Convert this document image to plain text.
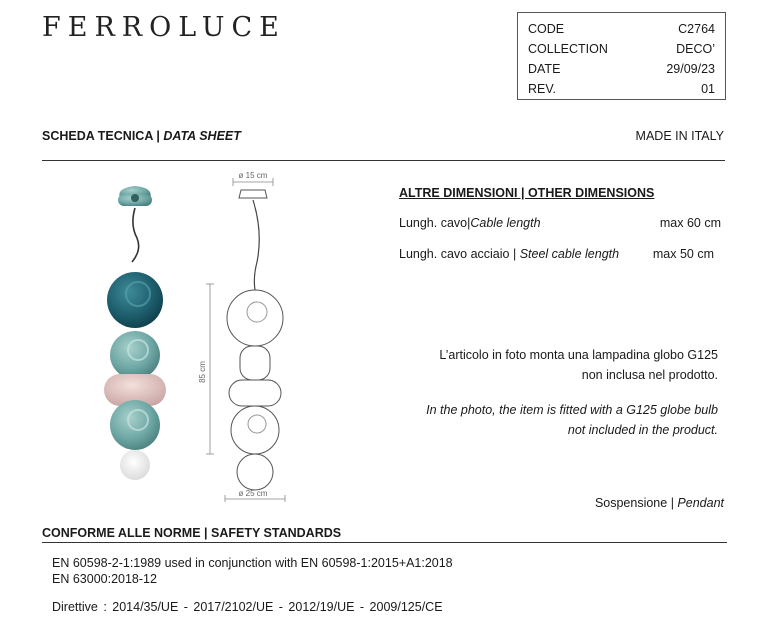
FERROLUCE	CODE	C2764
COLLECTION	DECO’
DATE	29/09/23
REV.	01
SCHEDA TECNICA | DATA SHEET	MADE IN ITALY
ø 15 cm
85 cm
ø 25 cm
ALTRE DIMENSIONI | OTHER DIMENSIONS
Lungh. cavo|Cable length	max 60 cm
Lungh. cavo acciaio | Steel cable length	max 50 cm
L’articolo in foto monta una lampadina globo G125
non inclusa nel prodotto.
In the photo, the item is fitted with a G125 globe bulb
not included in the product.
Sospensione | Pendant
CONFORME ALLE NORME | SAFETY STANDARDS
EN 60598-2-1:1989 used in conjunction with EN 60598-1:2015+A1:2018
EN 63000:2018-12
Direttive : 2014/35/UE - 2017/2102/UE - 2012/19/UE - 2009/125/CE
